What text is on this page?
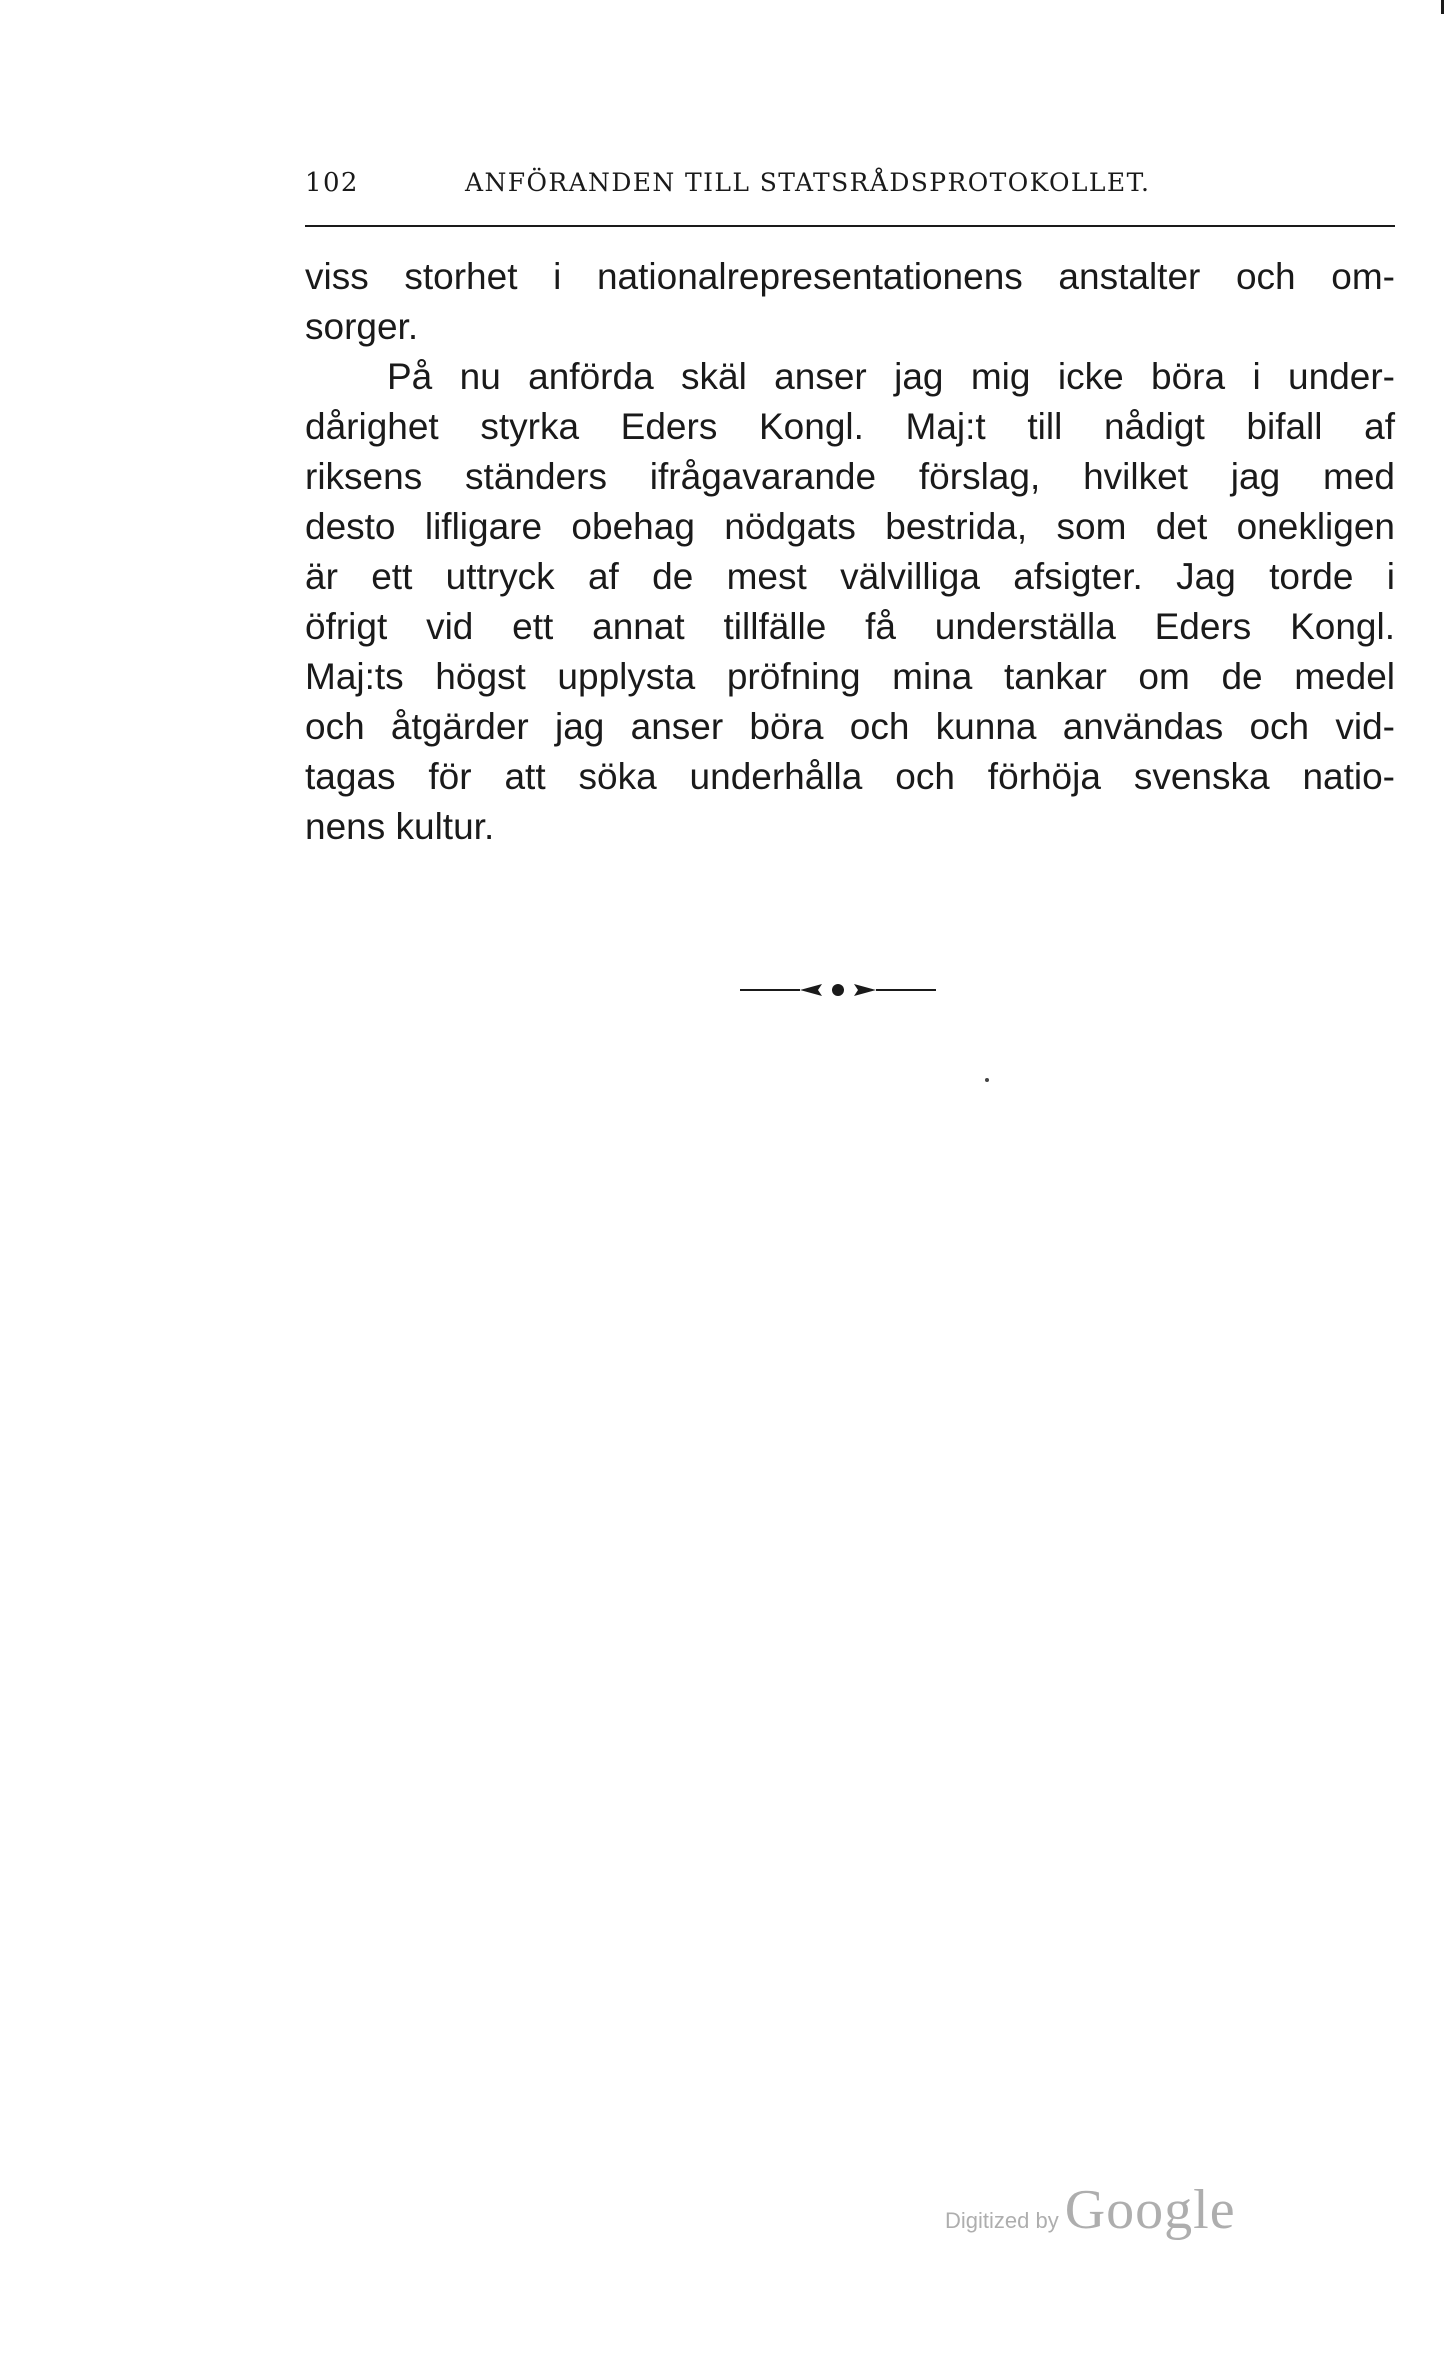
102	ANFÖRANDEN TILL STATSRÅDSPROTOKOLLET.
viss storhet i nationalrepresentationens anstalter och om-
sorger.
På nu anförda skäl anser jag mig icke böra i under-
dårighet styrka Eders Kongl. Maj:t till nådigt bifall af
riksens ständers ifrågavarande förslag, hvilket jag med
desto lifligare obehag nödgats bestrida, som det onekligen
är ett uttryck af de mest välvilliga afsigter. Jag torde i
öfrigt vid ett annat tillfälle få underställa Eders Kongl.
Maj:ts högst upplysta pröfning mina tankar om de medel
och åtgärder jag anser böra och kunna användas och vid-
tagas för att söka underhålla och förhöja svenska natio-
nens kultur.
Digitized by Google
